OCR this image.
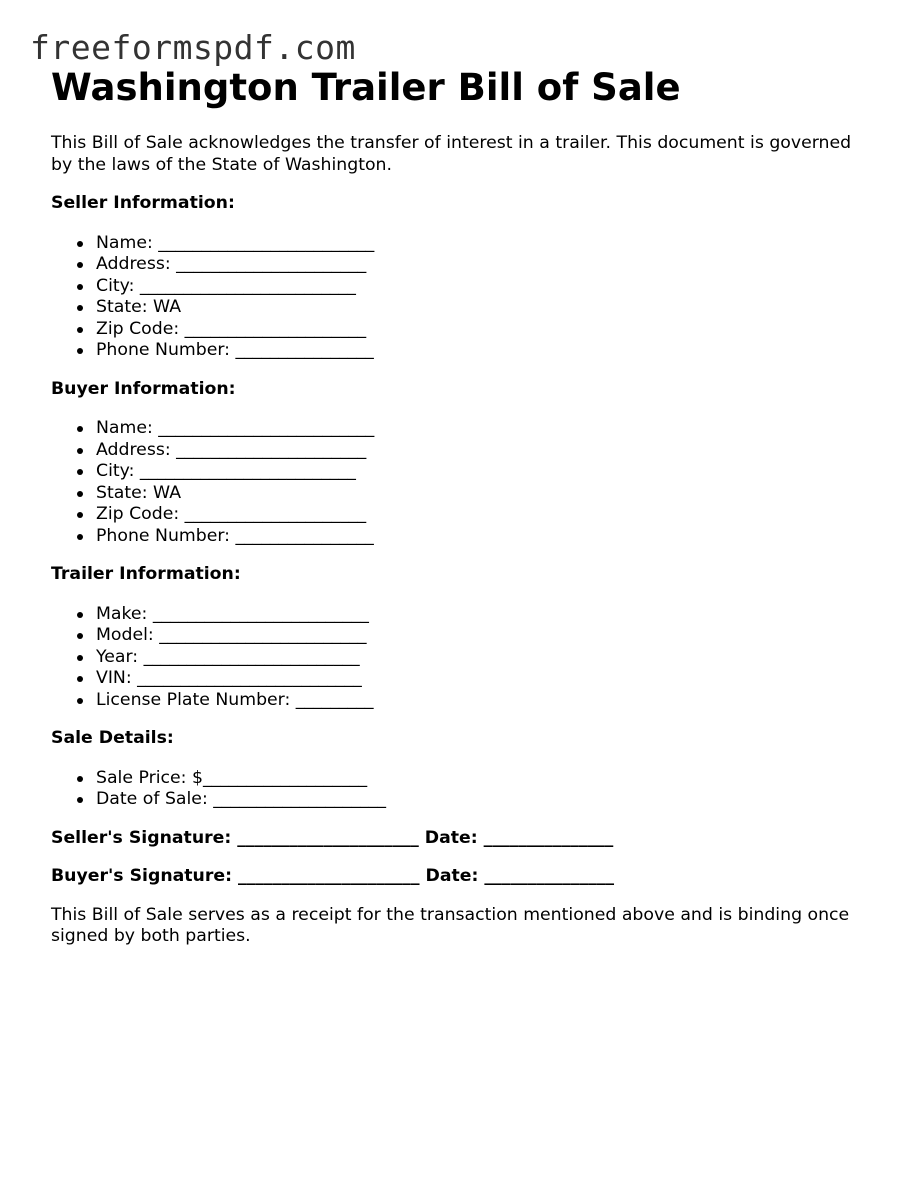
freeformspdf.com
Washington Trailer Bill of Sale

This Bill of Sale acknowledges the transfer of interest in a trailer. This document is governed by the laws of the State of Washington.

Seller Information:

Name: _________________________
Address: ______________________
City: _________________________
State: WA
Zip Code: _____________________
Phone Number: ________________

Buyer Information:

Name: _________________________
Address: ______________________
City: _________________________
State: WA
Zip Code: _____________________
Phone Number: ________________

Trailer Information:

Make: _________________________
Model: ________________________
Year: _________________________
VIN: __________________________
License Plate Number: _________

Sale Details:

Sale Price: $___________________
Date of Sale: ____________________

Seller's Signature: _____________________ Date: _______________

Buyer's Signature: _____________________ Date: _______________

This Bill of Sale serves as a receipt for the transaction mentioned above and is binding once signed by both parties.
